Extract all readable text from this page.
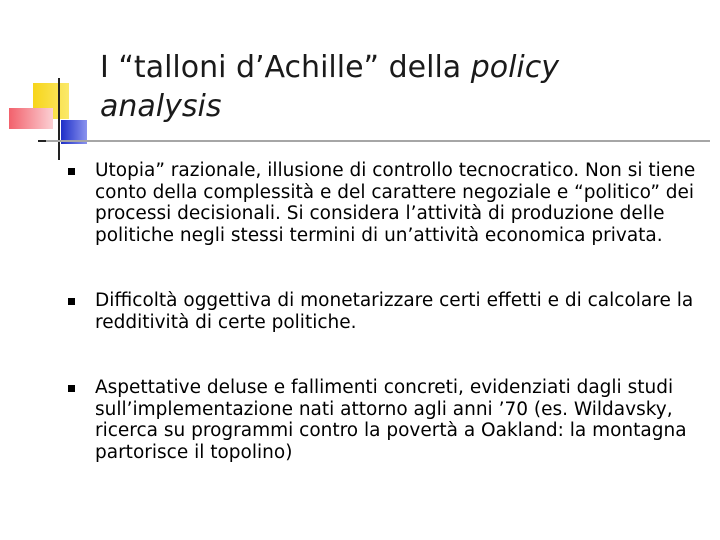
I “talloni d’Achille” della policy
analysis
Utopia” razionale, illusione di controllo tecnocratico. Non si tiene conto della complessità e del carattere negoziale e “politico” dei processi decisionali. Si considera l’attività di produzione delle politiche negli stessi termini di un’attività economica privata.
Difficoltà oggettiva di monetarizzare certi effetti e di calcolare la redditività di certe politiche.
Aspettative deluse e fallimenti concreti, evidenziati dagli studi sull’implementazione nati attorno agli anni ’70 (es. Wildavsky, ricerca su programmi contro la povertà a Oakland: la montagna partorisce il topolino)
